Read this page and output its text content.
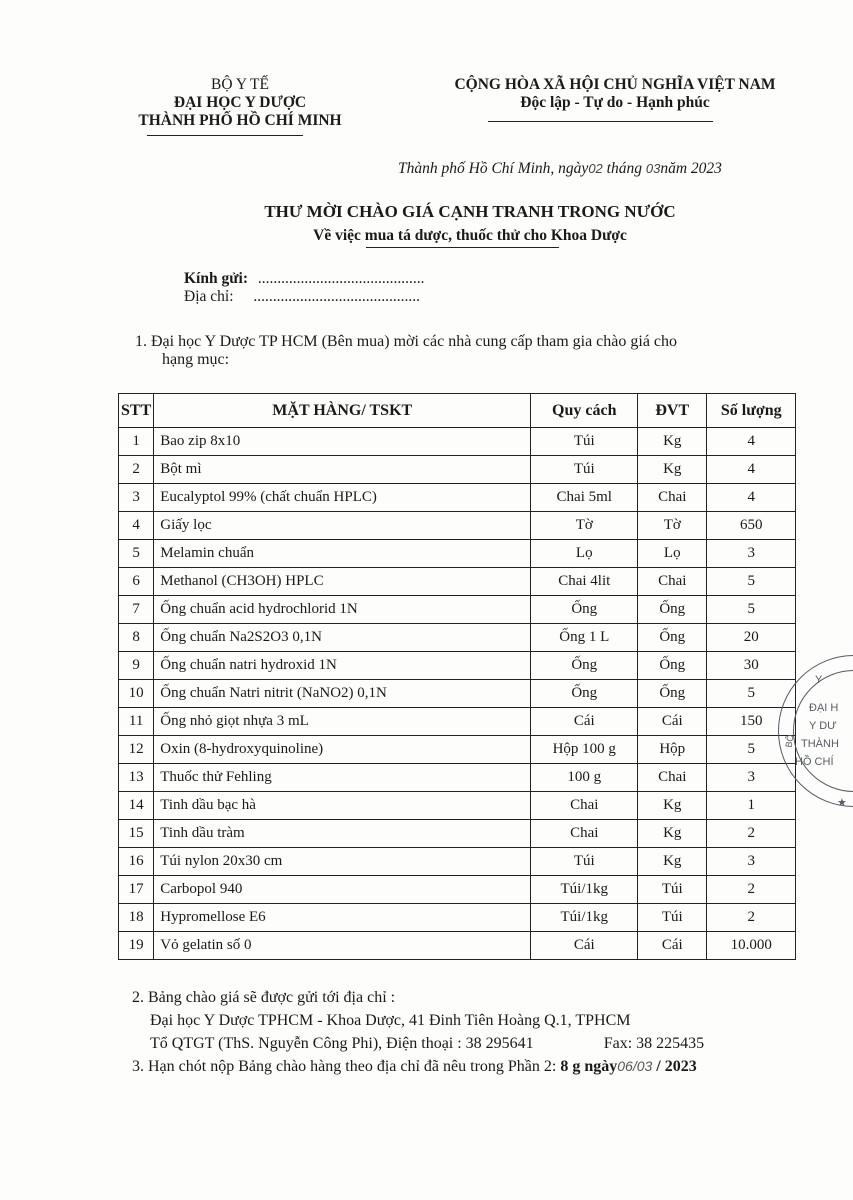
BỘ Y TẾ
ĐẠI HỌC Y DƯỢC
THÀNH PHỐ HỒ CHÍ MINH
CỘNG HÒA XÃ HỘI CHỦ NGHĨA VIỆT NAM
Độc lập - Tự do - Hạnh phúc
Thành phố Hồ Chí Minh, ngày02 tháng 03năm 2023
THƯ MỜI CHÀO GIÁ CẠNH TRANH TRONG NƯỚC
Về việc mua tá dược, thuốc thử cho Khoa Dược
Kính gửi: ...........................................
Địa chỉ: ...........................................
1. Đại học Y Dược TP HCM (Bên mua) mời các nhà cung cấp tham gia chào giá cho
hạng mục:
STT	MẶT HÀNG/ TSKT	Quy cách	ĐVT	Số lượng
1	Bao zip 8x10	Túi	Kg	4
2	Bột mì	Túi	Kg	4
3	Eucalyptol 99% (chất chuẩn HPLC)	Chai 5ml	Chai	4
4	Giấy lọc	Tờ	Tờ	650
5	Melamin chuẩn	Lọ	Lọ	3
6	Methanol (CH3OH) HPLC	Chai 4lit	Chai	5
7	Ống chuẩn acid hydrochlorid 1N	Ống	Ống	5
8	Ống chuẩn Na2S2O3 0,1N	Ống 1 L	Ống	20
9	Ống chuẩn natri hydroxid 1N	Ống	Ống	30
10	Ống chuẩn Natri nitrit (NaNO2) 0,1N	Ống	Ống	5
11	Ống nhỏ giọt nhựa 3 mL	Cái	Cái	150
12	Oxin (8-hydroxyquinoline)	Hộp 100 g	Hộp	5
13	Thuốc thử Fehling	100 g	Chai	3
14	Tinh dầu bạc hà	Chai	Kg	1
15	Tinh dầu tràm	Chai	Kg	2
16	Túi nylon 20x30 cm	Túi	Kg	3
17	Carbopol 940	Túi/1kg	Túi	2
18	Hypromellose E6	Túi/1kg	Túi	2
19	Vỏ gelatin số 0	Cái	Cái	10.000
Y
ĐẠI H
Y DƯ
THÀNH
HỒ CHÍ
★
BỘ
2. Bảng chào giá sẽ được gửi tới địa chỉ :
Đại học Y Dược TPHCM - Khoa Dược, 41 Đinh Tiên Hoàng Q.1, TPHCM
Tổ QTGT (ThS. Nguyễn Công Phi), Điện thoại : 38 295641	Fax: 38 225435
3. Hạn chót nộp Bảng chào hàng theo địa chỉ đã nêu trong Phần 2: 8 g ngày06/03 / 2023
